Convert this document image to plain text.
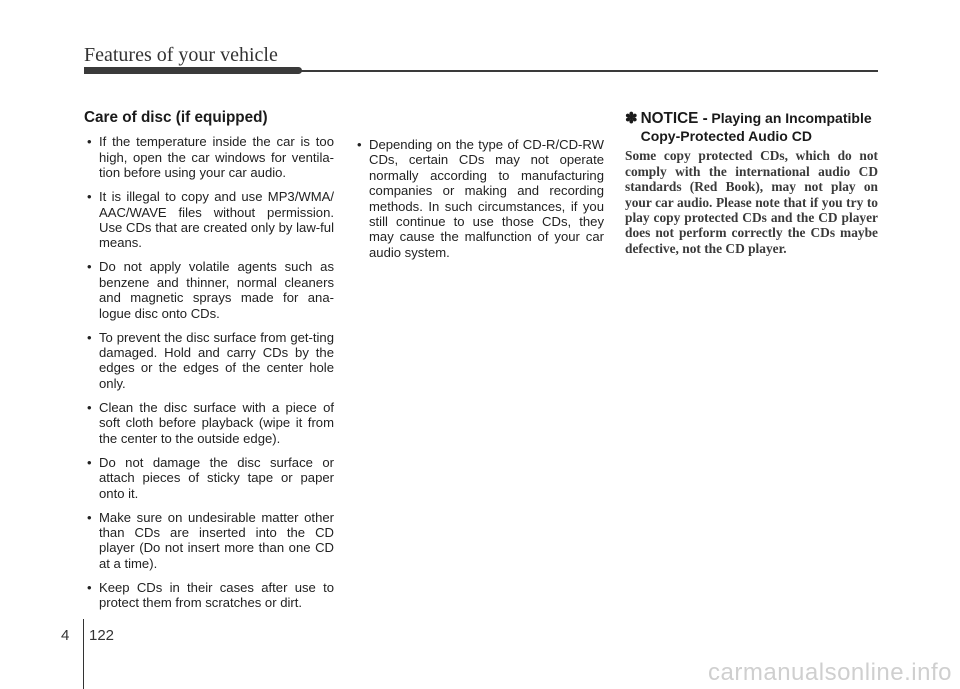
Features of your vehicle
Care of disc (if equipped)
• If the temperature inside the car is too high, open the car windows for ventila-tion before using your car audio.
• It is illegal to copy and use MP3/WMA/ AAC/WAVE files without permission. Use CDs that are created only by law-ful means.
• Do not apply volatile agents such as benzene and thinner, normal cleaners and magnetic sprays made for ana-logue disc onto CDs.
• To prevent the disc surface from get-ting damaged. Hold and carry CDs by the edges or the edges of the center hole only.
• Clean the disc surface with a piece of soft cloth before playback (wipe it from the center to the outside edge).
• Do not damage the disc surface or attach pieces of sticky tape or paper onto it.
• Make sure on undesirable matter other than CDs are inserted into the CD player (Do not insert more than one CD at a time).
• Keep CDs in their cases after use to protect them from scratches or dirt.
• Depending on the type of CD-R/CD-RW CDs, certain CDs may not operate normally according to manufacturing companies or making and recording methods. In such circumstances, if you still continue to use those CDs, they may cause the malfunction of your car audio system.
✽ NOTICE - Playing an Incompatible Copy-Protected Audio CD
Some copy protected CDs, which do not comply with the international audio CD standards (Red Book), may not play on your car audio. Please note that if you try to play copy protected CDs and the CD player does not perform correctly the CDs maybe defective, not the CD player.
4 122
carmanualsonline.info
